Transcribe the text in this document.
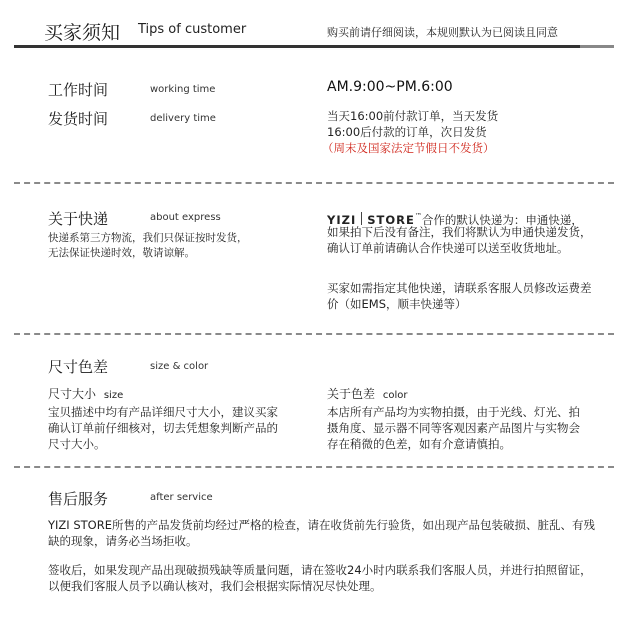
买家须知 Tips of customer	购买前请仔细阅读，本规则默认为已阅读且同意
工作时间	working time	AM.9:00~PM.6:00
发货时间	delivery time	当天16:00前付款订单，当天发货
16:00后付款的订单，次日发货
（周末及国家法定节假日不发货）
关于快递	about express
快递系第三方物流，我们只保证按时发货，无法保证快递时效，敬请谅解。
YIZI STORE™合作的默认快递为：申通快递，
如果拍下后没有备注，我们将默认为申通快递发货，确认订单前请确认合作快递可以送至收货地址。
买家如需指定其他快递，请联系客服人员修改运费差价（如EMS，顺丰快递等）
尺寸色差	size & color
尺寸大小 size
宝贝描述中均有产品详细尺寸大小，建议买家确认订单前仔细核对，切去凭想象判断产品的尺寸大小。
关于色差 color
本店所有产品均为实物拍摄，由于光线、灯光、拍摄角度、显示器不同等客观因素产品图片与实物会存在稍微的色差，如有介意请慎拍。
售后服务	after service
YIZI STORE所售的产品发货前均经过严格的检查，请在收货前先行验货，如出现产品包装破损、脏乱、有残缺的现象，请务必当场拒收。
签收后，如果发现产品出现破损残缺等质量问题，请在签收24小时内联系我们客服人员，并进行拍照留证，以便我们客服人员予以确认核对，我们会根据实际情况尽快处理。
